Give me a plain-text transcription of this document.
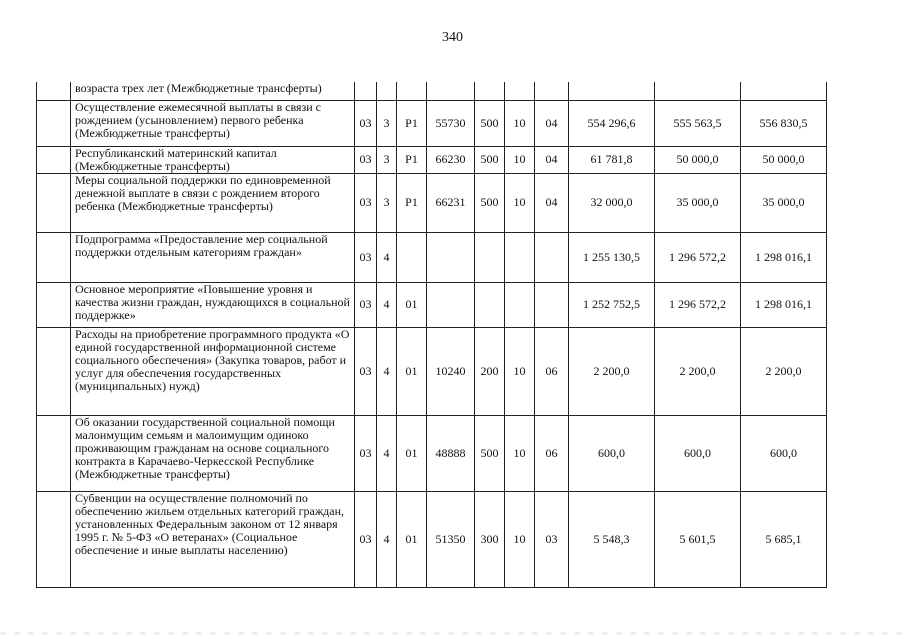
340
	возраста трех лет (Межбюджетные трансферты)										
	Осуществление ежемесячной выплаты в связи с рождением (усыновлением) первого ребенка (Межбюджетные трансферты)	03	3	P1	55730	500	10	04	554 296,6	555 563,5	556 830,5
	Республиканский материнский капитал (Межбюджетные трансферты)	03	3	P1	66230	500	10	04	61 781,8	50 000,0	50 000,0
	Меры социальной поддержки по единовременной денежной выплате в связи с рождением второго ребенка (Межбюджетные трансферты)	03	3	P1	66231	500	10	04	32 000,0	35 000,0	35 000,0
	Подпрограмма «Предоставление мер социальной поддержки отдельным категориям граждан»	03	4						1 255 130,5	1 296 572,2	1 298 016,1
	Основное мероприятие «Повышение уровня и качества жизни граждан, нуждающихся в социальной поддержке»	03	4	01					1 252 752,5	1 296 572,2	1 298 016,1
	Расходы на приобретение программного продукта «О единой государственной информационной системе социального обеспечения» (Закупка товаров, работ и услуг для обеспечения государственных (муниципальных) нужд)	03	4	01	10240	200	10	06	2 200,0	2 200,0	2 200,0
	Об оказании государственной социальной помощи малоимущим семьям и малоимущим одиноко проживающим гражданам на основе социального контракта в Карачаево-Черкесской Республике (Межбюджетные трансферты)	03	4	01	48888	500	10	06	600,0	600,0	600,0
	Субвенции на осуществление полномочий по обеспечению жильем отдельных категорий граждан, установленных Федеральным законом от 12 января 1995 г. № 5-ФЗ «О ветеранах» (Социальное обеспечение и иные выплаты населению)	03	4	01	51350	300	10	03	5 548,3	5 601,5	5 685,1
